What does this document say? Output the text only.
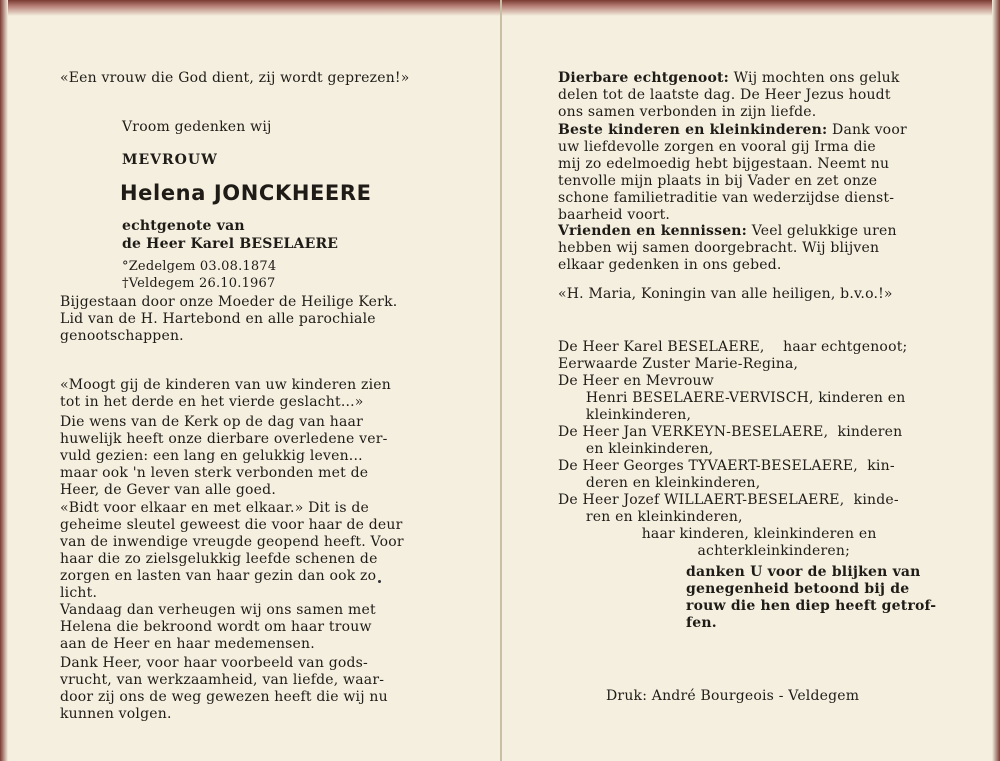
«Een vrouw die God dient, zij wordt geprezen!»

Vroom gedenken wij

MEVROUW

Helena JONCKHEERE

echtgenote van

de Heer Karel BESELAERE

°Zedelgem 03.08.1874

†Veldegem 26.10.1967

Bijgestaan door onze Moeder de Heilige Kerk.
Lid van de H. Hartebond en alle parochiale
genootschappen.

«Moogt gij de kinderen van uw kinderen zien
tot in het derde en het vierde geslacht...»

Die wens van de Kerk op de dag van haar
huwelijk heeft onze dierbare overledene ver-
vuld gezien: een lang en gelukkig leven...
maar ook 'n leven sterk verbonden met de
Heer, de Gever van alle goed.

«Bidt voor elkaar en met elkaar.» Dit is de
geheime sleutel geweest die voor haar de deur
van de inwendige vreugde geopend heeft. Voor
haar die zo zielsgelukkig leefde schenen de
zorgen en lasten van haar gezin dan ook zo
licht.

Vandaag dan verheugen wij ons samen met
Helena die bekroond wordt om haar trouw
aan de Heer en haar medemensen.

Dank Heer, voor haar voorbeeld van gods-
vrucht, van werkzaamheid, van liefde, waar-
door zij ons de weg gewezen heeft die wij nu
kunnen volgen.

Dierbare echtgenoot: Wij mochten ons geluk
delen tot de laatste dag. De Heer Jezus houdt
ons samen verbonden in zijn liefde.

Beste kinderen en kleinkinderen: Dank voor
uw liefdevolle zorgen en vooral gij Irma die
mij zo edelmoedig hebt bijgestaan. Neemt nu
tenvolle mijn plaats in bij Vader en zet onze
schone familietraditie van wederzijdse dienst-
baarheid voort.

Vrienden en kennissen: Veel gelukkige uren
hebben wij samen doorgebracht. Wij blijven
elkaar gedenken in ons gebed.

«H. Maria, Koningin van alle heiligen, b.v.o.!»

De Heer Karel BESELAERE,    haar echtgenoot;

Eerwaarde Zuster Marie-Regina,

De Heer en Mevrouw

Henri BESELAERE-VERVISCH, kinderen en

kleinkinderen,

De Heer Jan VERKEYN-BESELAERE,  kinderen

en kleinkinderen,

De Heer Georges TYVAERT-BESELAERE,  kin-

deren en kleinkinderen,

De Heer Jozef WILLAERT-BESELAERE,  kinde-

ren en kleinkinderen,

haar kinderen, kleinkinderen en

achterkleinkinderen;

danken U voor de blijken van
genegenheid betoond bij de
rouw die hen diep heeft getrof-
fen.

Druk: André Bourgeois - Veldegem
